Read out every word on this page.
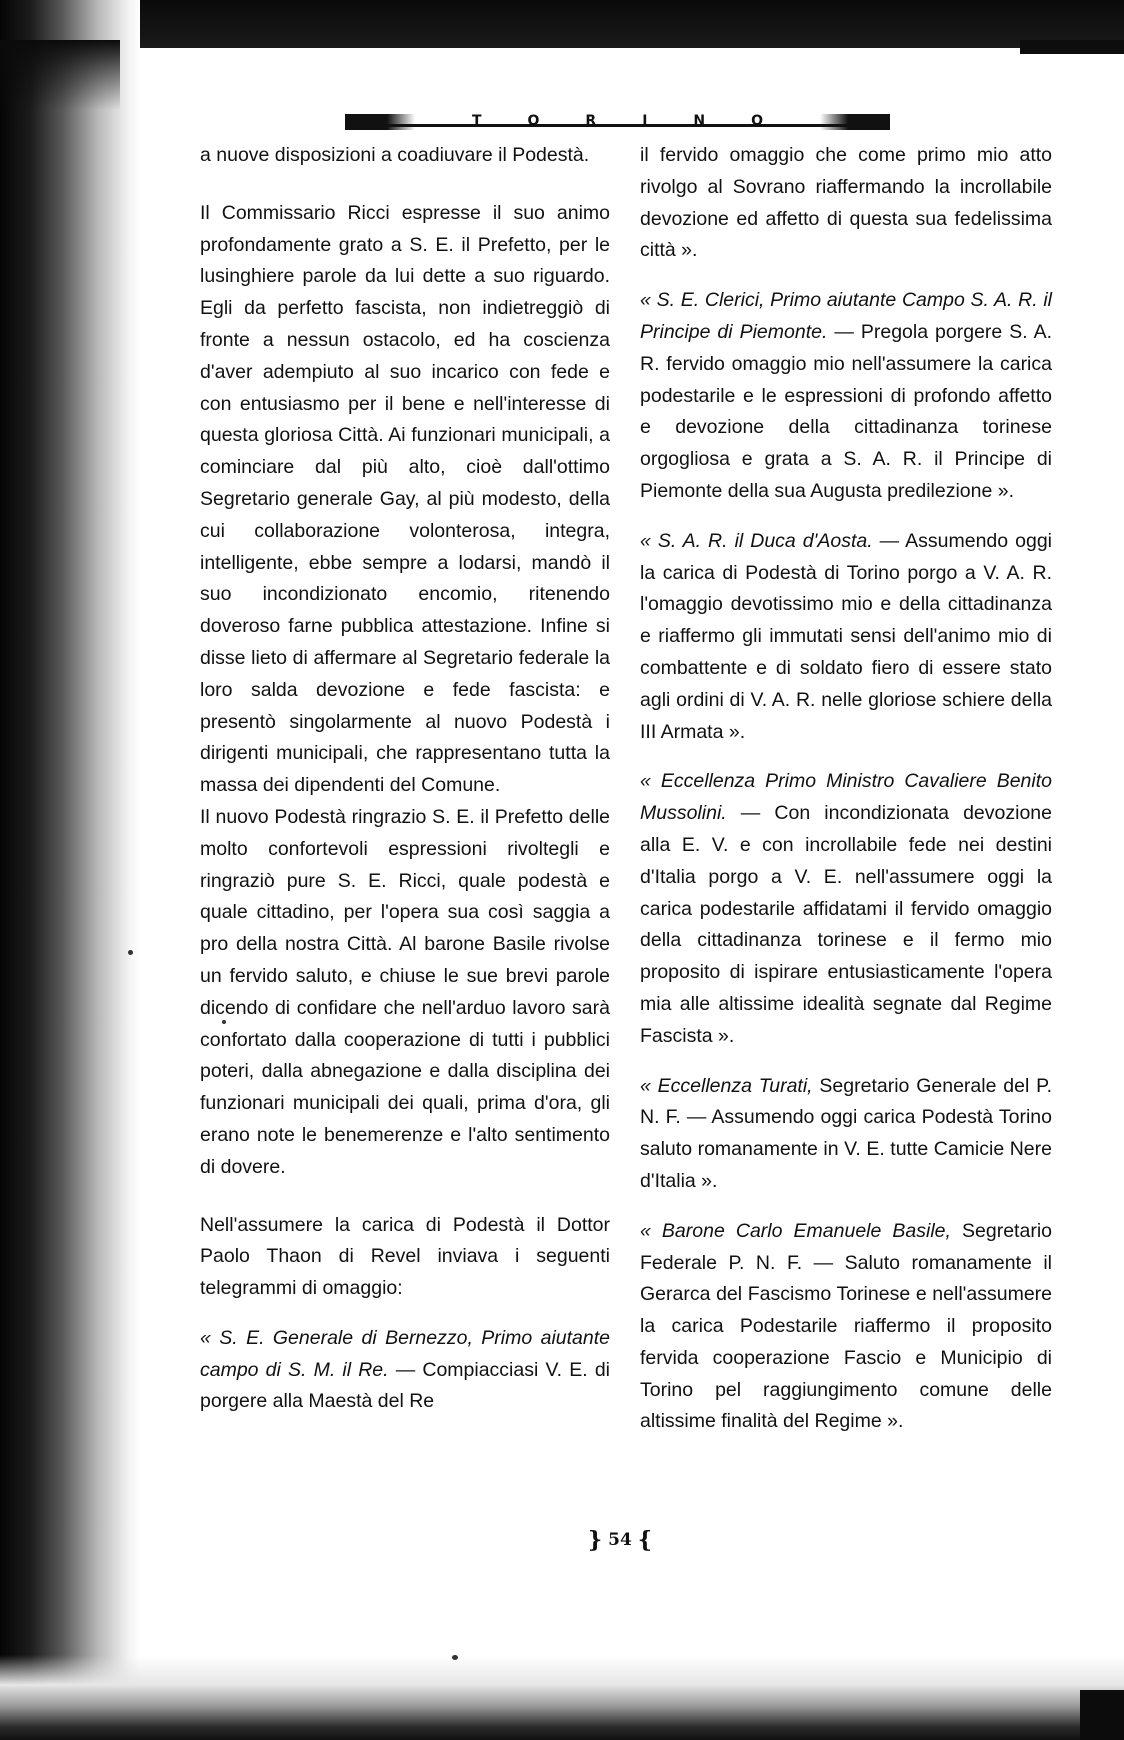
TORINO

a nuove disposizioni a coadiuvare il Podestà.

Il Commissario Ricci espresse il suo animo profondamente grato a S. E. il Prefetto, per le lusinghiere parole da lui dette a suo riguardo. Egli da perfetto fascista, non indietreggiò di fronte a nessun ostacolo, ed ha coscienza d'aver adempiuto al suo incarico con fede e con entusiasmo per il bene e nell'interesse di questa gloriosa Città. Ai funzionari municipali, a cominciare dal più alto, cioè dall'ottimo Segretario generale Gay, al più modesto, della cui collaborazione volonterosa, integra, intelligente, ebbe sempre a lodarsi, mandò il suo incondizionato encomio, ritenendo doveroso farne pubblica attestazione. Infine si disse lieto di affermare al Segretario federale la loro salda devozione e fede fascista: e presentò singolarmente al nuovo Podestà i dirigenti municipali, che rappresentano tutta la massa dei dipendenti del Comune.

Il nuovo Podestà ringrazio S. E. il Prefetto delle molto confortevoli espressioni rivoltegli e ringraziò pure S. E. Ricci, quale podestà e quale cittadino, per l'opera sua così saggia a pro della nostra Città. Al barone Basile rivolse un fervido saluto, e chiuse le sue brevi parole dicendo di confidare che nell'arduo lavoro sarà confortato dalla cooperazione di tutti i pubblici poteri, dalla abnegazione e dalla disciplina dei funzionari municipali dei quali, prima d'ora, gli erano note le benemerenze e l'alto sentimento di dovere.

Nell'assumere la carica di Podestà il Dottor Paolo Thaon di Revel inviava i seguenti telegrammi di omaggio:

« S. E. Generale di Bernezzo, Primo aiutante campo di S. M. il Re. — Compiacciasi V. E. di porgere alla Maestà del Re

il fervido omaggio che come primo mio atto rivolgo al Sovrano riaffermando la incrollabile devozione ed affetto di questa sua fedelissima città ».

« S. E. Clerici, Primo aiutante Campo S. A. R. il Principe di Piemonte. — Pregola porgere S. A. R. fervido omaggio mio nell'assumere la carica podestarile e le espressioni di profondo affetto e devozione della cittadinanza torinese orgogliosa e grata a S. A. R. il Principe di Piemonte della sua Augusta predilezione ».

« S. A. R. il Duca d'Aosta. — Assumendo oggi la carica di Podestà di Torino porgo a V. A. R. l'omaggio devotissimo mio e della cittadinanza e riaffermo gli immutati sensi dell'animo mio di combattente e di soldato fiero di essere stato agli ordini di V. A. R. nelle gloriose schiere della III Armata ».

« Eccellenza Primo Ministro Cavaliere Benito Mussolini. — Con incondizionata devozione alla E. V. e con incrollabile fede nei destini d'Italia porgo a V. E. nell'assumere oggi la carica podestarile affidatami il fervido omaggio della cittadinanza torinese e il fermo mio proposito di ispirare entusiasticamente l'opera mia alle altissime idealità segnate dal Regime Fascista ».

« Eccellenza Turati, Segretario Generale del P. N. F. — Assumendo oggi carica Podestà Torino saluto romanamente in V. E. tutte Camicie Nere d'Italia ».

« Barone Carlo Emanuele Basile, Segretario Federale P. N. F. — Saluto romanamente il Gerarca del Fascismo Torinese e nell'assumere la carica Podestarile riaffermo il proposito fervida cooperazione Fascio e Municipio di Torino pel raggiungimento comune delle altissime finalità del Regime ».

} 54 {
